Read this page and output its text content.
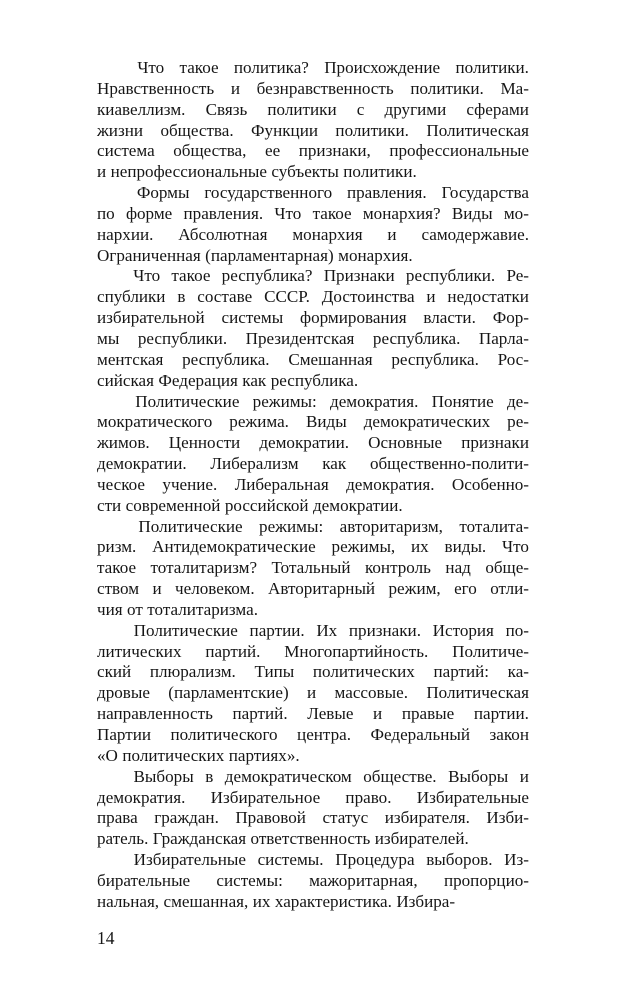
Что такое политика? Происхождение политики.
Нравственность и безнравственность политики. Ма-
киавеллизм. Связь политики с другими сферами
жизни общества. Функции политики. Политическая
система общества, ее признаки, профессиональные
и непрофессиональные субъекты политики.

Формы государственного правления. Государства
по форме правления. Что такое монархия? Виды мо-
нархии. Абсолютная монархия и самодержавие.
Ограниченная (парламентарная) монархия.

Что такое республика? Признаки республики. Ре-
спублики в составе СССР. Достоинства и недостатки
избирательной системы формирования власти. Фор-
мы республики. Президентская республика. Парла-
ментская республика. Смешанная республика. Рос-
сийская Федерация как республика.

Политические режимы: демократия. Понятие де-
мократического режима. Виды демократических ре-
жимов. Ценности демократии. Основные признаки
демократии. Либерализм как общественно-полити-
ческое учение. Либеральная демократия. Особенно-
сти современной российской демократии.

Политические режимы: авторитаризм, тоталита-
ризм. Антидемократические режимы, их виды. Что
такое тоталитаризм? Тотальный контроль над обще-
ством и человеком. Авторитарный режим, его отли-
чия от тоталитаризма.

Политические партии. Их признаки. История по-
литических партий. Многопартийность. Политиче-
ский плюрализм. Типы политических партий: ка-
дровые (парламентские) и массовые. Политическая
направленность партий. Левые и правые партии.
Партии политического центра. Федеральный закон
«О политических партиях».

Выборы в демократическом обществе. Выборы и
демократия. Избирательное право. Избирательные
права граждан. Правовой статус избирателя. Изби-
ратель. Гражданская ответственность избирателей.

Избирательные системы. Процедура выборов. Из-
бирательные системы: мажоритарная, пропорцио-
нальная, смешанная, их характеристика. Избира-

14
